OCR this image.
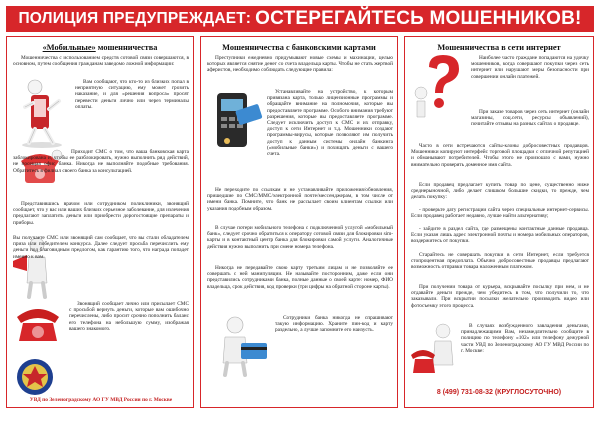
ПОЛИЦИЯ ПРЕДУПРЕЖДАЕТ: ОСТЕРЕГАЙТЕСЬ МОШЕННИКОВ!
«Мобильные» мошенничества

Мошенничества с использованием средств сотовой связи совершаются, в основном, путем сообщения гражданам заведомо ложной информации:

Вам сообщают, что кто-то из близких попал в неприятную ситуацию, ему может грозить наказание, и для «решения вопроса» просят перевести деньги лично или через терминалы оплаты.

Приходит СМС о том, что ваша банковская карта заблокирована и, чтобы ее разблокировать, нужно выполнить ряд действий, не посещая офис банка. Никогда не выполняйте подобные требования. Обратитесь в филиал своего банка за консультацией.

Представившись врачом или сотрудником поликлиники, звонящий сообщает, что у вас или ваших близких серьезное заболевание, для излечения предлагают заплатить деньги или приобрести дорогостоящие препараты и приборы.

Вы получаете СМС или звонящий сам сообщает, что вы стали обладателем приза или победителем конкурса. Далее следует просьба перечислить ему деньги под благовидным предлогом, как гарантию того, что награда попадет именно к вам.

Звонящий сообщает лично или присылает СМС с просьбой вернуть деньги, которые вам ошибочно перечислены, либо просит срочно пополнить баланс его телефона на небольшую сумму, изображая вашего знакомого.

УВД по Зеленоградскому АО ГУ МВД России по г. Москве
Мошенничества с банковскими картами

Преступники ежедневно придумывают новые схемы и махинации, целью которых является снятие денег со счета владельца карты. Чтобы не стать жертвой аферистов, необходимо соблюдать следующие правила:

Устанавливайте на устройство, к которым привязана карта, только лицензионные программы и обращайте внимание на полномочия, которые вы предоставляете программе. Особого внимания требуют разрешения, которые вы предоставляете программе. Следует исключить доступ к СМС и их отправку, доступ к сети Интернет и т.д. Мошенники создают программы-вирусы, которые позволяют им получить доступ к данным системы онлайн банкинга («мобильные банки») и похищать деньги с вашего счета.

Не переходите по ссылкам и не устанавливайте приложения/обновления, пришедшие по СМС/ММС/электронной почте/мессенджерам, в том числе от имени банка. Помните, что банк не рассылает своим клиентам ссылки или указания подобным образом.

В случае потери мобильного телефона с подключенной услугой «мобильный банк», следует срочно обратиться к оператору сотовой связи для блокировки sim-карты и в контактный центр банка для блокировки самой услуги. Аналогичные действия нужно выполнить при смене номера телефона.

Никогда не передавайте свою карту третьим лицам и не позволяйте ее совершать с ней манипуляции. Не называйте посторонним, даже если они представились сотрудниками банка, полные данные о своей карте: номер, ФИО владельца, срок действия, код проверки (три цифры на обратной стороне карты).

Сотрудники банка никогда не спрашивают такую информацию. Храните пин-код и карту раздельно, а лучше запомните его наизусть.

Мошенничества в сети интернет

Наиболее часто граждане попадаются на удочку мошенников, когда совершают покупки через сеть интернет или нарушают меры безопасности при совершении онлайн платежей.

При заказе товаров через сеть интернет (онлайн магазины, соц.сети, ресурсы объявлений), почитайте отзывы на разных сайтах о продавце.

Часто в сети встречаются сайты-клоны добросовестных продавцов. Мошенники копируют интерфейс торговой площадки с отличной репутацией и обманывают потребителей. Чтобы этого не произошло с вами, нужно внимательно проверять доменное имя сайта.

Если продавец предлагает купить товар по цене, существенно ниже среднерыночной, либо делает слишком большие скидки, то прежде, чем делать покупку:

- проверьте дату регистрации сайта через специальные интернет-сервисы. Если продавец работает недавно, лучше найти альтернативу;

- зайдите в раздел сайта, где размещены контактные данные продавца. Если указан лишь адрес электронной почты и номера мобильных операторов, воздержитесь от покупки.

Старайтесь не совершать покупки в сети Интернет, если требуется стопроцентная предоплата. Обычно добросовестные продавцы предлагают возможность отправки товара наложенным платежом.

При получении товара от курьера, вскрывайте посылку при нем, и не отдавайте деньги прежде, чем убедитесь в том, что получили то, что заказывали. При вскрытии посылки желательно производить видео или фотосъемку этого процесса.

В случаях возбужденного завладения деньгами, принадлежащими Вам, незамедлительно сообщите в полицию по телефону «102» или телефону дежурной части УВД по Зеленоградскому АО ГУ МВД России по г. Москве:

8 (499) 731-08-32 (КРУГЛОСУТОЧНО)
